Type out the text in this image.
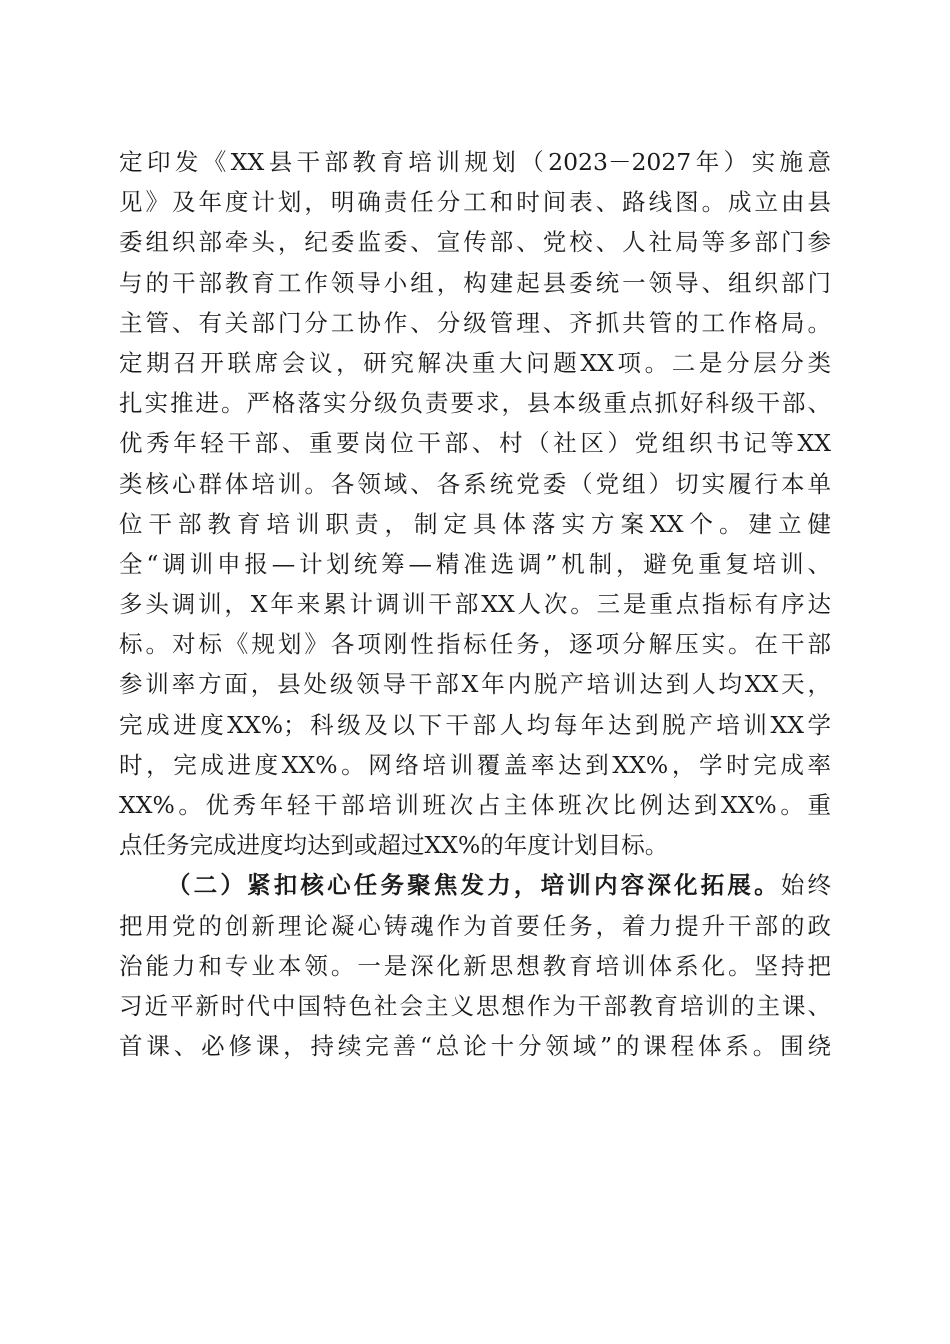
定印发《XX县干部教育培训规划（2023－2027年）实施意
见》及年度计划，明确责任分工和时间表、路线图。成立由县
委组织部牵头，纪委监委、宣传部、党校、人社局等多部门参
与的干部教育工作领导小组，构建起县委统一领导、组织部门
主管、有关部门分工协作、分级管理、齐抓共管的工作格局。
定期召开联席会议，研究解决重大问题XX项。二是分层分类
扎实推进。严格落实分级负责要求，县本级重点抓好科级干部、
优秀年轻干部、重要岗位干部、村（社区）党组织书记等XX
类核心群体培训。各领域、各系统党委（党组）切实履行本单
位干部教育培训职责，制定具体落实方案XX个。建立健
全“调训申报—计划统筹—精准选调”机制，避免重复培训、
多头调训，X年来累计调训干部XX人次。三是重点指标有序达
标。对标《规划》各项刚性指标任务，逐项分解压实。在干部
参训率方面，县处级领导干部X年内脱产培训达到人均XX天，
完成进度XX%；科级及以下干部人均每年达到脱产培训XX学
时，完成进度XX%。网络培训覆盖率达到XX%，学时完成率
XX%。优秀年轻干部培训班次占主体班次比例达到XX%。重
点任务完成进度均达到或超过XX%的年度计划目标。
（二）紧扣核心任务聚焦发力，培训内容深化拓展。始终
把用党的创新理论凝心铸魂作为首要任务，着力提升干部的政
治能力和专业本领。一是深化新思想教育培训体系化。坚持把
习近平新时代中国特色社会主义思想作为干部教育培训的主课、
首课、必修课，持续完善“总论十分领域”的课程体系。围绕
